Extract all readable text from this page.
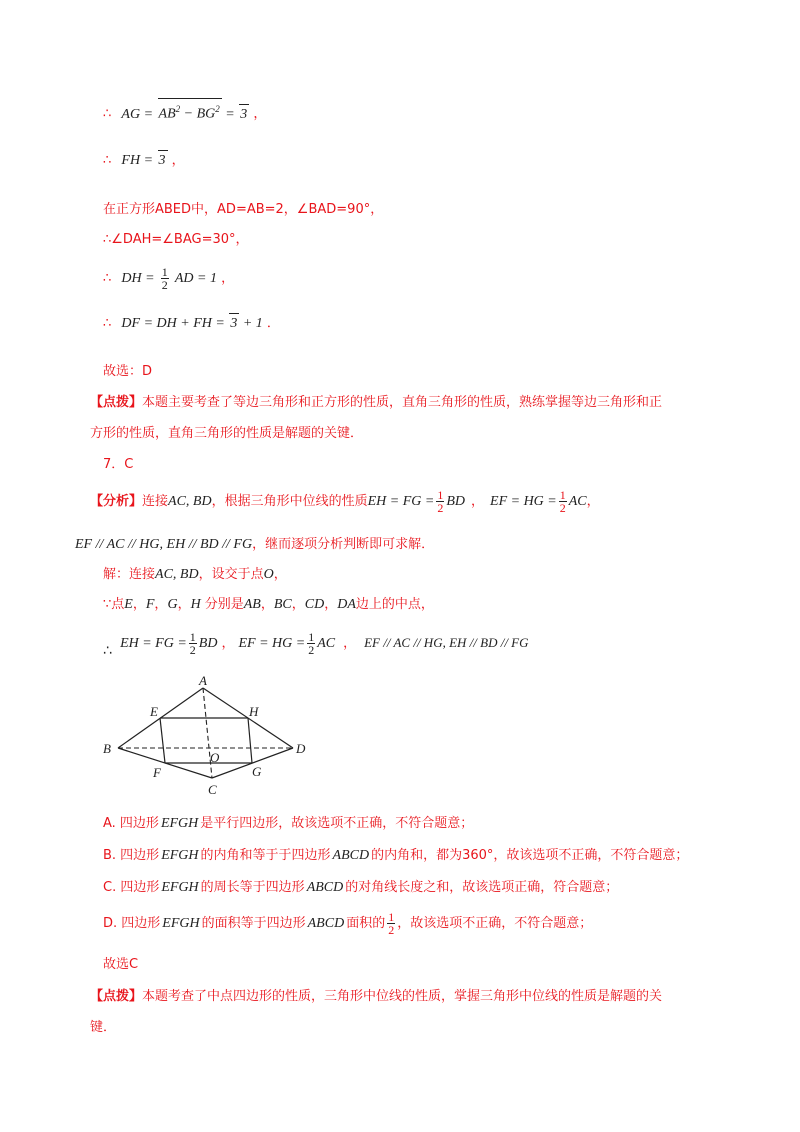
∴ AG = $AB^2 - BG^2 = 3$ ，
∴ FH = 3 ，
在正方形ABED中，AD=AB=2，∠BAD=90°，
∴∠DAH=∠BAG=30°，
∴ DH = $\frac{1}{2}$ AD = 1 ，
∴ DF = DH + FH = 3 + 1 ．
故选：D
【点拨】本题主要考查了等边三角形和正方形的性质，直角三角形的性质，熟练掌握等边三角形和正
方形的性质，直角三角形的性质是解题的关键．
7．C
【分析】连接AC, BD，根据三角形中位线的性质EH = FG = $\frac{1}{2}$ BD ， EF = HG = $\frac{1}{2}$ AC，
EF // AC // HG, EH // BD // FG，继而逐项分析判断即可求解．
解：连接AC, BD，设交于点O，
∵点E，F，G，H 分别是AB，BC，CD，DA边上的中点，
∴ EH = FG = $\frac{1}{2}$ BD ， EF = HG = $\frac{1}{2}$ AC ， EF // AC // HG, EH // BD // FG
A
B
C
D
E
F	G
H
O
A. 四边形 EFGH 是平行四边形，故该选项不正确，不符合题意；
B. 四边形 EFGH 的内角和等于于四边形 ABCD 的内角和，都为360°，故该选项不正确，不符合题意；
C. 四边形 EFGH 的周长等于四边形 ABCD 的对角线长度之和，故该选项正确，符合题意；
D. 四边形 EFGH 的面积等于四边形 ABCD 面积的 $\frac{1}{2}$ ，故该选项不正确，不符合题意；
故选C
【点拨】本题考查了中点四边形的性质，三角形中位线的性质，掌握三角形中位线的性质是解题的关
键．
